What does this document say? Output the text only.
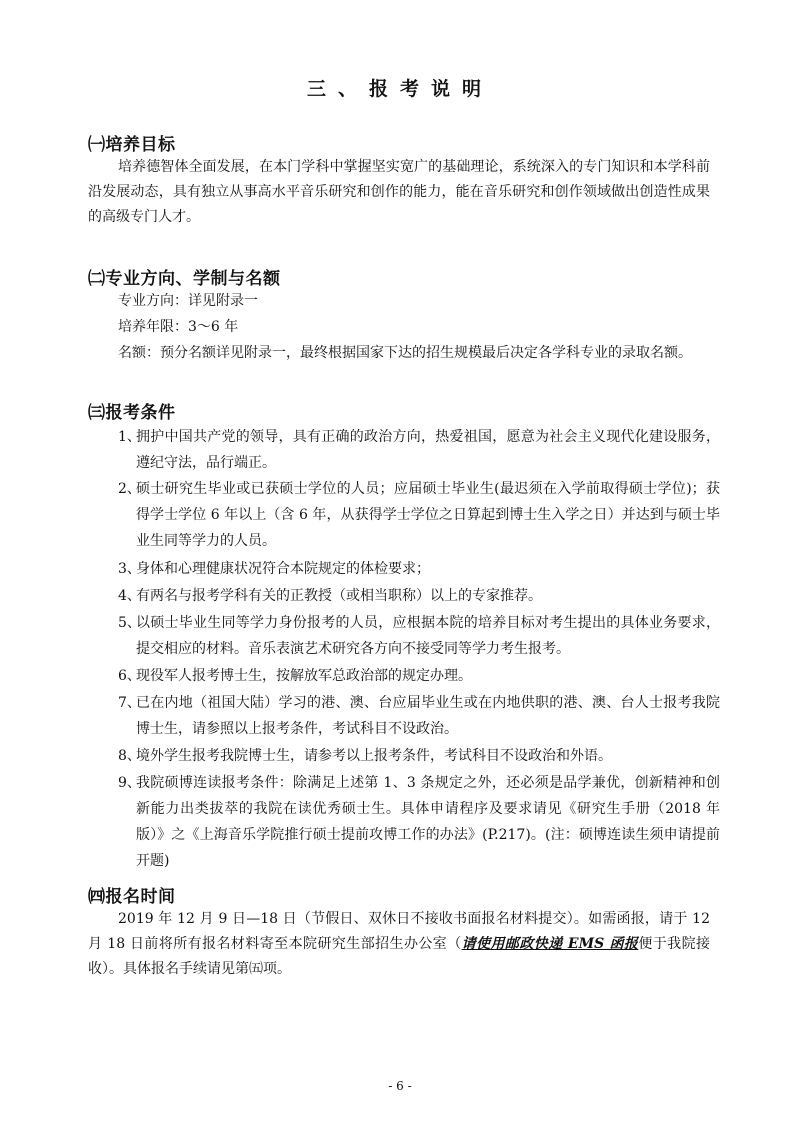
三、报考说明
㈠培养目标
培养德智体全面发展，在本门学科中掌握坚实宽广的基础理论，系统深入的专门知识和本学科前沿发展动态，具有独立从事高水平音乐研究和创作的能力，能在音乐研究和创作领域做出创造性成果的高级专门人才。
㈡专业方向、学制与名额
专业方向：详见附录一
培养年限：3～6 年
名额：预分名额详见附录一，最终根据国家下达的招生规模最后决定各学科专业的录取名额。
㈢报考条件
1、
拥护中国共产党的领导，具有正确的政治方向，热爱祖国，愿意为社会主义现代化建设服务，遵纪守法，品行端正。
2、
硕士研究生毕业或已获硕士学位的人员；应届硕士毕业生(最迟须在入学前取得硕士学位)；获得学士学位 6 年以上（含 6 年，从获得学士学位之日算起到博士生入学之日）并达到与硕士毕业生同等学力的人员。
3、
身体和心理健康状况符合本院规定的体检要求；
4、
有两名与报考学科有关的正教授（或相当职称）以上的专家推荐。
5、
以硕士毕业生同等学力身份报考的人员，应根据本院的培养目标对考生提出的具体业务要求，提交相应的材料。音乐表演艺术研究各方向不接受同等学力考生报考。
6、
现役军人报考博士生，按解放军总政治部的规定办理。
7、
已在内地（祖国大陆）学习的港、澳、台应届毕业生或在内地供职的港、澳、台人士报考我院博士生，请参照以上报考条件，考试科目不设政治。
8、
境外学生报考我院博士生，请参考以上报考条件，考试科目不设政治和外语。
9、
我院硕博连读报考条件：除满足上述第 1、3 条规定之外，还必须是品学兼优，创新精神和创新能力出类拔萃的我院在读优秀硕士生。具体申请程序及要求请见《研究生手册（2018 年版）》之《上海音乐学院推行硕士提前攻博工作的办法》(P.217)。(注：硕博连读生须申请提前开题)
㈣报名时间
2019 年 12 月 9 日—18 日（节假日、双休日不接收书面报名材料提交）。如需函报，请于 12 月 18 日前将所有报名材料寄至本院研究生部招生办公室（请使用邮政快递 EMS 函报便于我院接收）。具体报名手续请见第㈤项。
- 6 -
